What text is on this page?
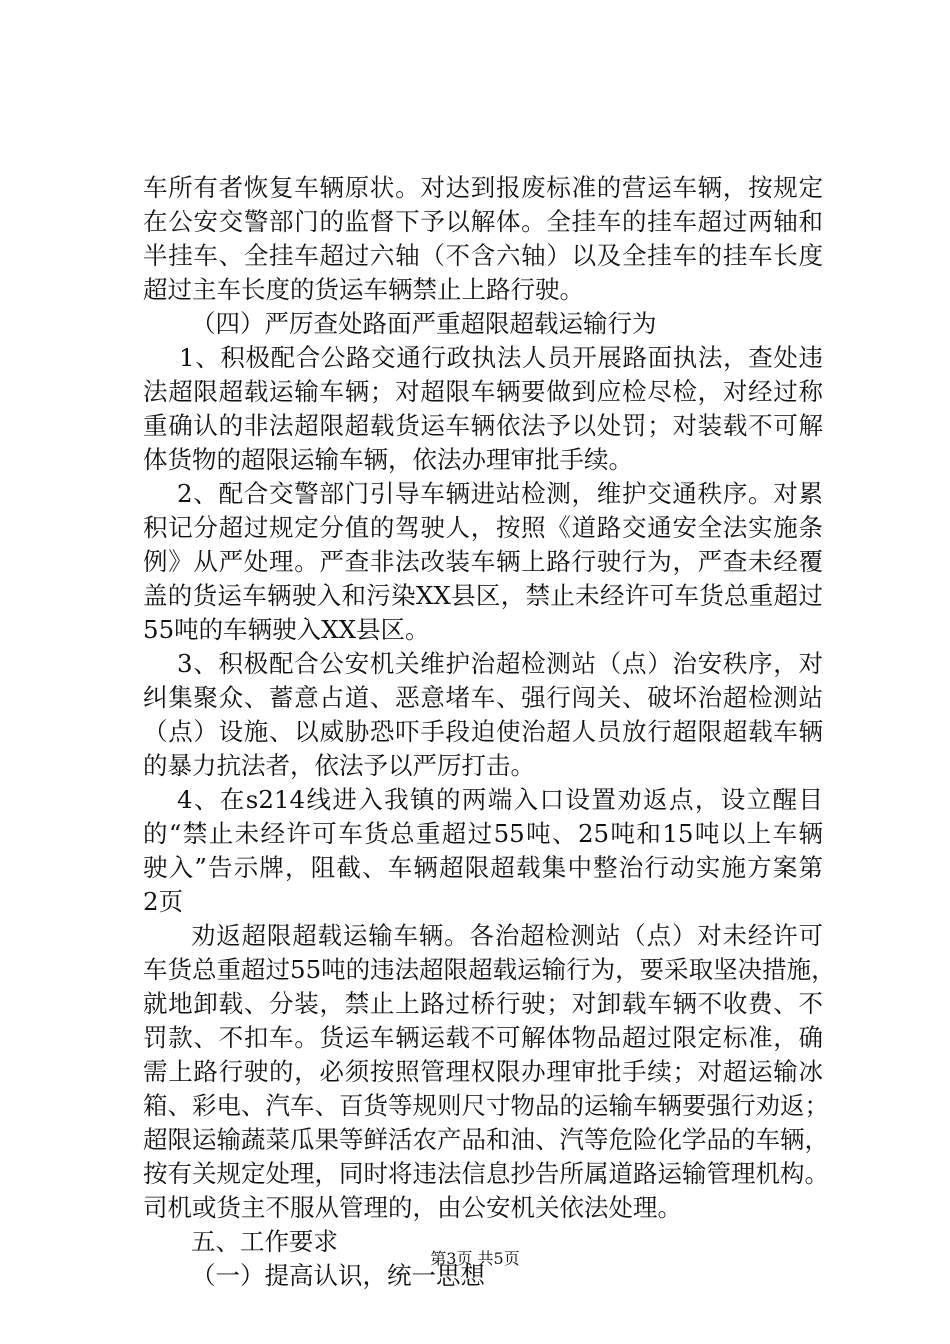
车所有者恢复车辆原状。对达到报废标准的营运车辆，按规定
在公安交警部门的监督下予以解体。全挂车的挂车超过两轴和
半挂车、全挂车超过六轴（不含六轴）以及全挂车的挂车长度
超过主车长度的货运车辆禁止上路行驶。
（四）严厉查处路面严重超限超载运输行为
1、积极配合公路交通行政执法人员开展路面执法，查处违
法超限超载运输车辆；对超限车辆要做到应检尽检，对经过称
重确认的非法超限超载货运车辆依法予以处罚；对装载不可解
体货物的超限运输车辆，依法办理审批手续。
2、配合交警部门引导车辆进站检测，维护交通秩序。对累
积记分超过规定分值的驾驶人，按照《道路交通安全法实施条
例》从严处理。严查非法改装车辆上路行驶行为，严查未经覆
盖的货运车辆驶入和污染XX县区，禁止未经许可车货总重超过
55吨的车辆驶入XX县区。
3、积极配合公安机关维护治超检测站（点）治安秩序，对
纠集聚众、蓄意占道、恶意堵车、强行闯关、破坏治超检测站
（点）设施、以威胁恐吓手段迫使治超人员放行超限超载车辆
的暴力抗法者，依法予以严厉打击。
4、在s214线进入我镇的两端入口设置劝返点，设立醒目
的“禁止未经许可车货总重超过55吨、25吨和15吨以上车辆
驶入”告示牌，阻截、车辆超限超载集中整治行动实施方案第
2页
劝返超限超载运输车辆。各治超检测站（点）对未经许可
车货总重超过55吨的违法超限超载运输行为，要采取坚决措施，
就地卸载、分装，禁止上路过桥行驶；对卸载车辆不收费、不
罚款、不扣车。货运车辆运载不可解体物品超过限定标准，确
需上路行驶的，必须按照管理权限办理审批手续；对超运输冰
箱、彩电、汽车、百货等规则尺寸物品的运输车辆要强行劝返；
超限运输蔬菜瓜果等鲜活农产品和油、汽等危险化学品的车辆，
按有关规定处理，同时将违法信息抄告所属道路运输管理机构。
司机或货主不服从管理的，由公安机关依法处理。
五、工作要求
（一）提高认识，统一思想
第3页 共5页
